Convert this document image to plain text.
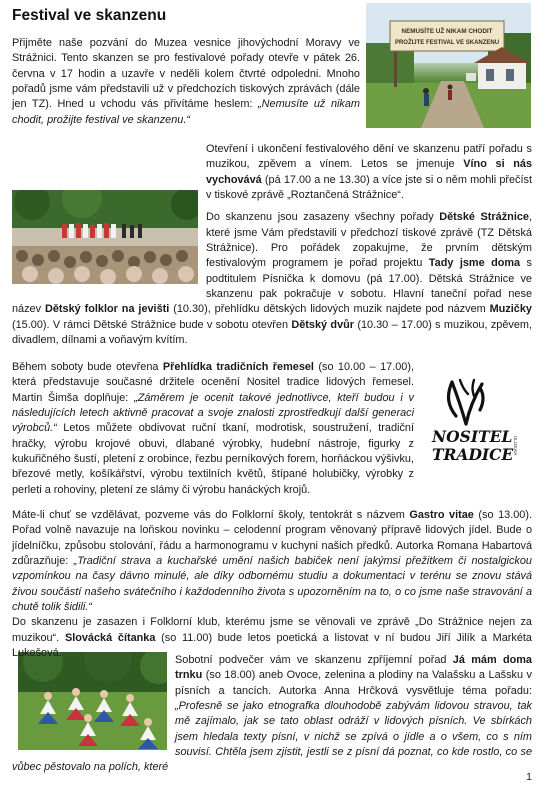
Festival ve skanzenu
NEMUSÍTE UŽ NIKAM CHODIT
PROŽIJTE FESTIVAL VE SKANZENU
NOSITEL
TRADICE ULUS.KA
Přijměte naše pozvání do Muzea vesnice jihovýchodní Moravy ve Strážnici. Tento skanzen se pro festivalové pořady otevře v pátek 26. června v 17 hodin a uzavře v neděli kolem čtvrté odpoledni. Mnoho pořadů jsme vám představili už v předchozích tiskových zprávách (dále jen TZ). Hned u vchodu vás přivítáme heslem: „Nemusíte už nikam chodit, prožijte festival ve skanzenu.“
Otevření i ukončení festivalového dění ve skanzenu patří pořadu s muzikou, zpěvem a vínem. Letos se jmenuje Víno si nás vychovává (pá 17.00 a ne 13.30) a více jste si o něm mohli přečíst v tiskové zprávě „Roztančená Strážnice“.
Do skanzenu jsou zasazeny všechny pořady Dětské Strážnice, které jsme Vám představili v předchozí tiskové zprávě (TZ Dětská Strážnice). Pro pořádek zopakujme, že prvním dětským festivalovým programem je pořad projektu Tady jsme doma s podtitulem Písnička k domovu (pá 17.00). Dětská Strážnice ve skanzenu pak pokračuje v sobotu. Hlavní taneční pořad nese název Dětský folklor na jevišti (10.30), přehlídku dětských lidových muzik najdete pod názvem Muzičky (15.00). V rámci Dětské Strážnice bude v sobotu otevřen Dětský dvůr (10.30 – 17.00) s muzikou, zpěvem, divadlem, dílnami a voňavým kvítím.
Během soboty bude otevřena Přehlídka tradičních řemesel (so 10.00 – 17.00), která představuje současné držitele ocenění Nositel tradice lidových řemesel. Martin Šimša doplňuje: „Záměrem je ocenit takové jednotlivce, kteří budou i v následujících letech aktivně pracovat a svoje znalosti zprostředkují další generaci výrobců.“ Letos můžete obdivovat ruční tkaní, modrotisk, soustružení, tradiční hračky, výrobu krojové obuvi, dlabané výrobky, hudební nástroje, figurky z kukuřičného šustí, pletení z orobince, řezbu perníkových forem, horňáckou výšivku, březové metly, košíkářství, výrobu textilních květů, štípané holubičky, výrobky z perleti a rohoviny, pletení ze slámy či výrobu hanáckých krojů.
Máte-li chuť se vzdělávat, pozveme vás do Folklorní školy, tentokrát s názvem Gastro vitae (so 13.00). Pořad volně navazuje na loňskou novinku – celodenní program věnovaný přípravě lidových jídel. Bude o jídelníčku, způsobu stolování, řádu a harmonogramu v kuchyni našich předků. Autorka Romana Habartová zdůrazňuje: „Tradiční strava a kuchařské umění našich babiček není jakýmsi přežitkem či nostalgickou vzpomínkou na časy dávno minulé, ale díky odbornému studiu a dokumentaci v terénu se znovu stává živou součástí našeho svátečního i každodenního života s upozorněním na to, o co jsme naše stravování a chutě tolik šidili.“
Do skanzenu je zasazen i Folklorní klub, kterému jsme se věnovali ve zprávě „Do Strážnice nejen za muzikou“. Slovácká čítanka (so 11.00) bude letos poetická a listovat v ní budou Jiří Jilík a Markéta Lukešová.
Sobotní podvečer vám ve skanzenu zpříjemní pořad Já mám doma trnku (so 18.00) aneb Ovoce, zelenina a plodiny na Valašsku a Lašsku v písních a tancích. Autorka Anna Hrčková vysvětluje téma pořadu: „Profesně se jako etnografka dlouhodobě zabývám lidovou stravou, tak mě zajímalo, jak se tato oblast odráží v lidových písních. Ve sbírkách jsem hledala texty písní, v nichž se zpívá o jídle a o všem, co s ním souvisí. Chtěla jsem zjistit, jestli se z písní dá poznat, co kde rostlo, co se vůbec pěstovalo na polích, které
1
